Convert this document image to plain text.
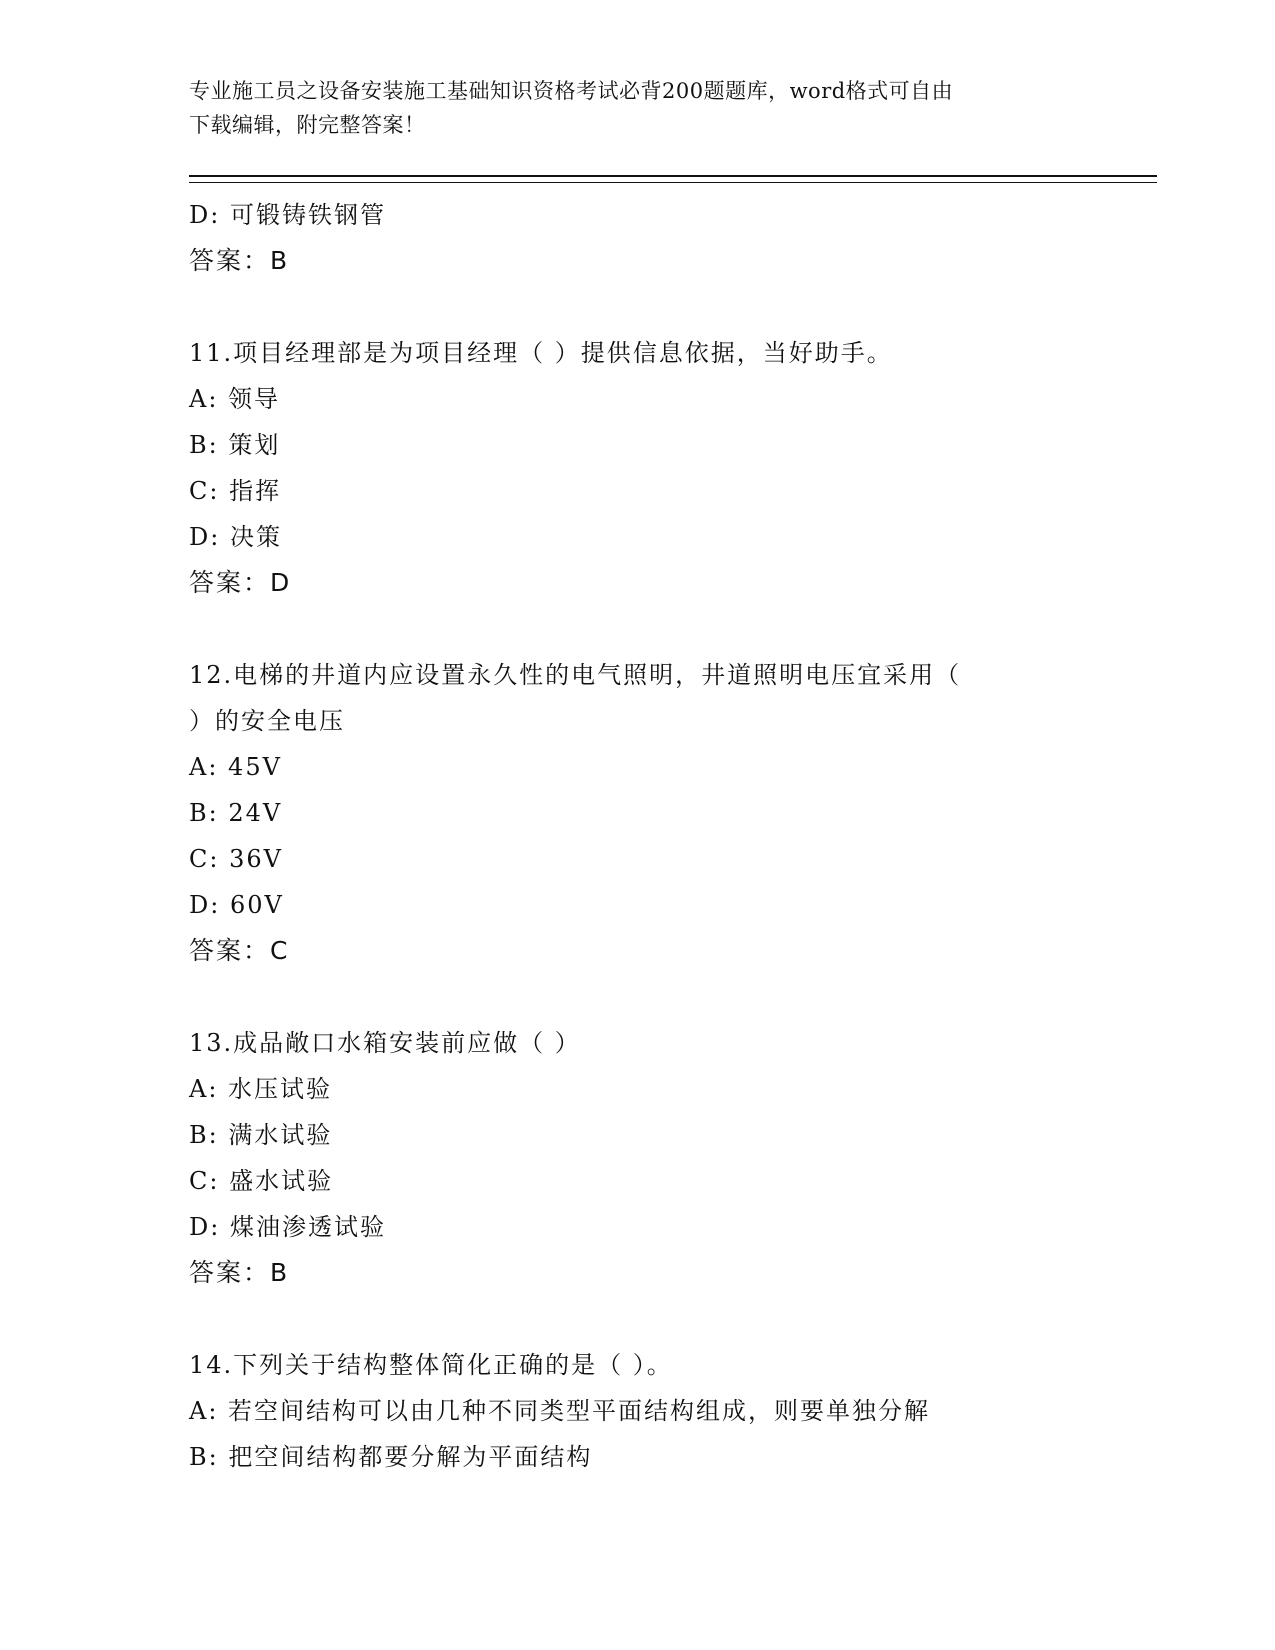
专业施工员之设备安装施工基础知识资格考试必背200题题库，word格式可自由
下载编辑，附完整答案！
D: 可锻铸铁钢管
答案：B
11.项目经理部是为项目经理（ ）提供信息依据，当好助手。
A: 领导
B: 策划
C: 指挥
D: 决策
答案：D
12.电梯的井道内应设置永久性的电气照明，井道照明电压宜采用（
）的安全电压
A: 45V
B: 24V
C: 36V
D: 60V
答案：C
13.成品敞口水箱安装前应做（ ）
A: 水压试验
B: 满水试验
C: 盛水试验
D: 煤油渗透试验
答案：B
14.下列关于结构整体简化正确的是（ ）。
A: 若空间结构可以由几种不同类型平面结构组成，则要单独分解
B: 把空间结构都要分解为平面结构
